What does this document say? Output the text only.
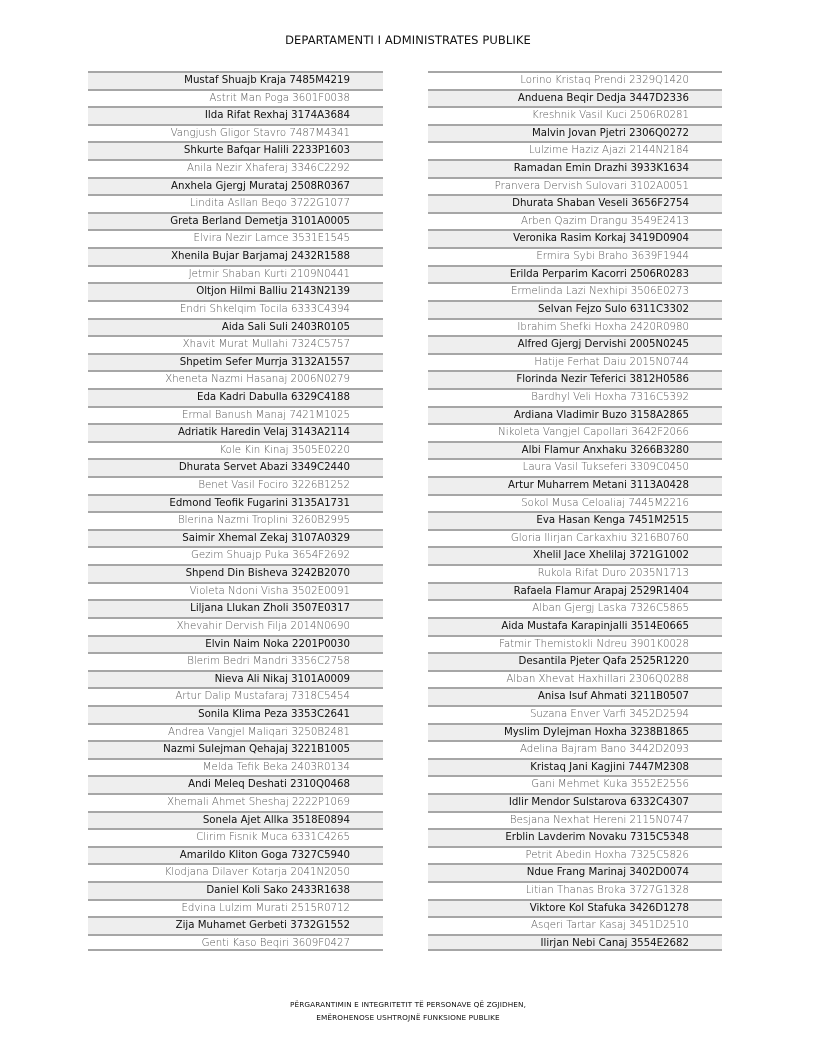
DEPARTAMENTI I ADMINISTRATES PUBLIKE
Mustaf Shuajb Kraja 7485M4219
Astrit Man Poga 3601F0038
Ilda Rifat Rexhaj 3174A3684
Vangjush Gligor Stavro 7487M4341
Shkurte Bafqar Halili 2233P1603
Anila Nezir Xhaferaj 3346C2292
Anxhela Gjergj Murataj 2508R0367
Lindita Asllan Beqo 3722G1077
Greta Berland Demetja 3101A0005
Elvira Nezir Lamce 3531E1545
Xhenila Bujar Barjamaj 2432R1588
Jetmir Shaban Kurti 2109N0441
Oltjon Hilmi Balliu 2143N2139
Endri Shkelqim Tocila 6333C4394
Aida Sali Suli 2403R0105
Xhavit Murat Mullahi 7324C5757
Shpetim Sefer Murrja 3132A1557
Xheneta Nazmi Hasanaj 2006N0279
Eda Kadri Dabulla 6329C4188
Ermal Banush Manaj 7421M1025
Adriatik Haredin Velaj 3143A2114
Kole Kin Kinaj 3505E0220
Dhurata Servet Abazi 3349C2440
Benet Vasil Fociro 3226B1252
Edmond Teofik Fugarini 3135A1731
Blerina Nazmi Troplini 3260B2995
Saimir Xhemal Zekaj 3107A0329
Gezim Shuajp Puka 3654F2692
Shpend Din Bisheva 3242B2070
Violeta Ndoni Visha 3502E0091
Liljana Llukan Zholi 3507E0317
Xhevahir Dervish Filja 2014N0690
Elvin Naim Noka 2201P0030
Blerim Bedri Mandri 3356C2758
Nieva Ali Nikaj 3101A0009
Artur Dalip Mustafaraj 7318C5454
Sonila Klima Peza 3353C2641
Andrea Vangjel Maliqari 3250B2481
Nazmi Sulejman Qehajaj 3221B1005
Melda Tefik Beka 2403R0134
Andi Meleq Deshati 2310Q0468
Xhemali Ahmet Sheshaj 2222P1069
Sonela Ajet Allka 3518E0894
Clirim Fisnik Muca 6331C4265
Amarildo Kliton Goga 7327C5940
Klodjana Dilaver Kotarja 2041N2050
Daniel Koli Sako 2433R1638
Edvina Lulzim Murati 2515R0712
Zija Muhamet Gerbeti 3732G1552
Genti Kaso Beqiri 3609F0427
Lorino Kristaq Prendi 2329Q1420
Anduena Beqir Dedja 3447D2336
Kreshnik Vasil Kuci 2506R0281
Malvin Jovan Pjetri 2306Q0272
Lulzime Haziz Ajazi 2144N2184
Ramadan Emin Drazhi 3933K1634
Pranvera Dervish Sulovari 3102A0051
Dhurata Shaban Veseli 3656F2754
Arben Qazim Drangu 3549E2413
Veronika Rasim Korkaj 3419D0904
Ermira Sybi Braho 3639F1944
Erilda Perparim Kacorri 2506R0283
Ermelinda Lazi Nexhipi 3506E0273
Selvan Fejzo Sulo 6311C3302
Ibrahim Shefki Hoxha 2420R0980
Alfred Gjergj Dervishi 2005N0245
Hatije Ferhat Daiu 2015N0744
Florinda Nezir Teferici 3812H0586
Bardhyl Veli Hoxha 7316C5392
Ardiana Vladimir Buzo 3158A2865
Nikoleta Vangjel Capollari 3642F2066
Albi Flamur Anxhaku 3266B3280
Laura Vasil Tukseferi 3309C0450
Artur Muharrem Metani 3113A0428
Sokol Musa Celoaliaj 7445M2216
Eva Hasan Kenga 7451M2515
Gloria Ilirjan Carkaxhiu 3216B0760
Xhelil Jace Xhelilaj 3721G1002
Rukola Rifat Duro 2035N1713
Rafaela Flamur Arapaj 2529R1404
Alban Gjergj Laska 7326C5865
Aida Mustafa Karapinjalli 3514E0665
Fatmir Themistokli Ndreu 3901K0028
Desantila Pjeter Qafa 2525R1220
Alban Xhevat Haxhillari 2306Q0288
Anisa Isuf Ahmati 3211B0507
Suzana Enver Varfi 3452D2594
Myslim Dylejman Hoxha 3238B1865
Adelina Bajram Bano 3442D2093
Kristaq Jani Kagjini 7447M2308
Gani Mehmet Kuka 3552E2556
Idlir Mendor Sulstarova 6332C4307
Besjana Nexhat Hereni 2115N0747
Erblin Lavderim Novaku 7315C5348
Petrit Abedin Hoxha 7325C5826
Ndue Frang Marinaj 3402D0074
Litian Thanas Broka 3727G1328
Viktore Kol Stafuka 3426D1278
Asqeri Tartar Kasaj 3451D2510
Ilirjan Nebi Canaj 3554E2682
PËRGARANTIMIN E INTEGRITETIT TË PERSONAVE QË ZGJIDHEN,
EMËROHENOSE USHTROJNË FUNKSIONE PUBLIKE
